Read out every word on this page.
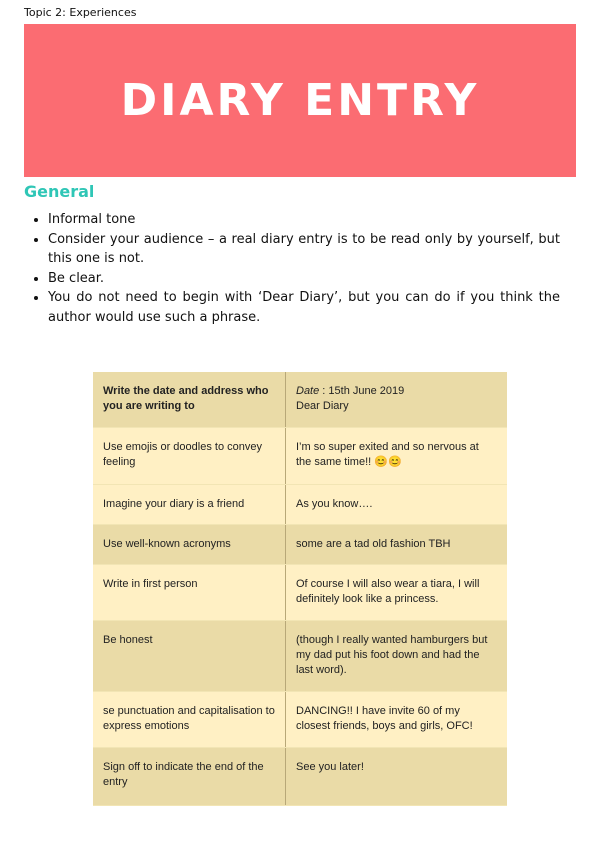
Topic 2: Experiences
DIARY ENTRY
General
• Informal tone
• Consider your audience – a real diary entry is to be read only by yourself, but this one is not.
• Be clear.
• You do not need to begin with ‘Dear Diary’, but you can do if you think the author would use such a phrase.
Write the date and address who you are writing to	Date : 15th June 2019
Dear Diary
Use emojis or doodles to convey feeling	I’m so super exited and so nervous at the same time!! 😊😊
Imagine your diary is a friend	As you know….
Use well-known acronyms	some are a tad old fashion TBH
Write in first person	Of course I will also wear a tiara, I will definitely look like a princess.
Be honest	(though I really wanted hamburgers but my dad put his foot down and had the last word).
se punctuation and capitalisation to express emotions	DANCING!! I have invite 60 of my closest friends, boys and girls, OFC!
Sign off to indicate the end of the entry	See you later!
